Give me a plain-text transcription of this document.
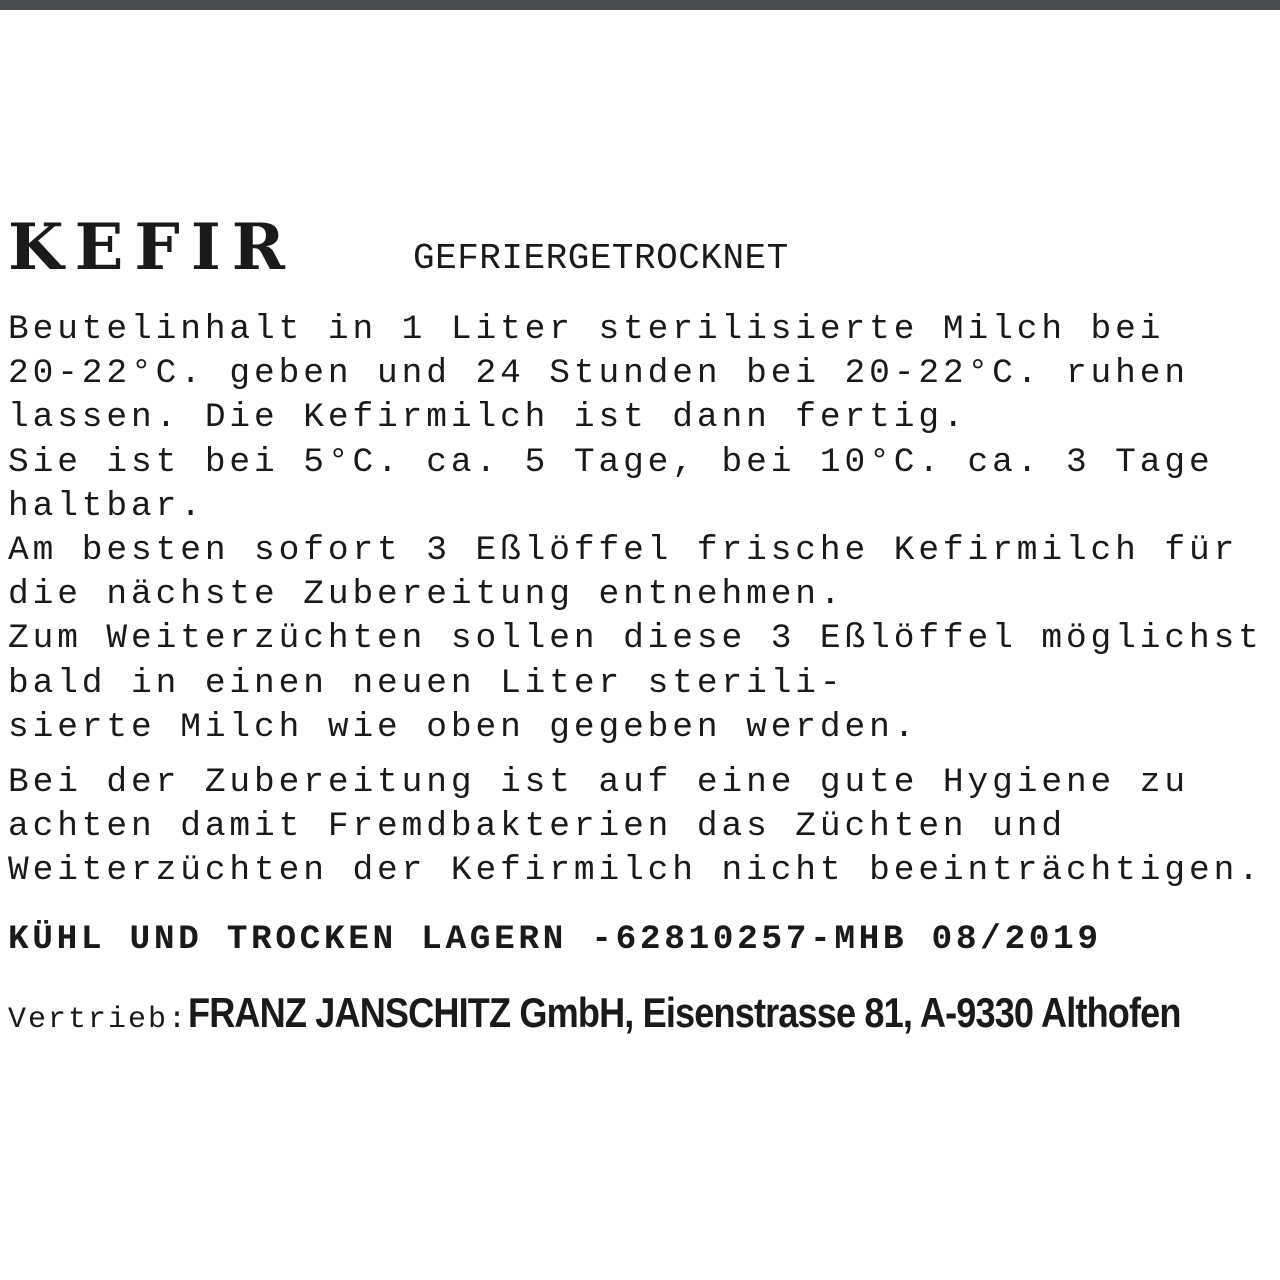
KEFIR	GEFRIERGETROCKNET
Beutelinhalt in 1 Liter sterilisierte Milch bei
20-22°C. geben und 24 Stunden bei 20-22°C. ruhen
lassen. Die Kefirmilch ist dann fertig.
Sie ist bei 5°C. ca. 5 Tage, bei 10°C. ca. 3 Tage
haltbar.
Am besten sofort 3 Eßlöffel frische Kefirmilch für
die nächste Zubereitung entnehmen.
Zum Weiterzüchten sollen diese 3 Eßlöffel möglichst
bald in einen neuen Liter sterili-
sierte Milch wie oben gegeben werden.
Bei der Zubereitung ist auf eine gute Hygiene zu
achten damit Fremdbakterien das Züchten und
Weiterzüchten der Kefirmilch nicht beeinträchtigen.
KÜHL UND TROCKEN LAGERN -62810257-MHB 08/2019
Vertrieb:FRANZ JANSCHITZ GmbH, Eisenstrasse 81, A-9330 Althofen
